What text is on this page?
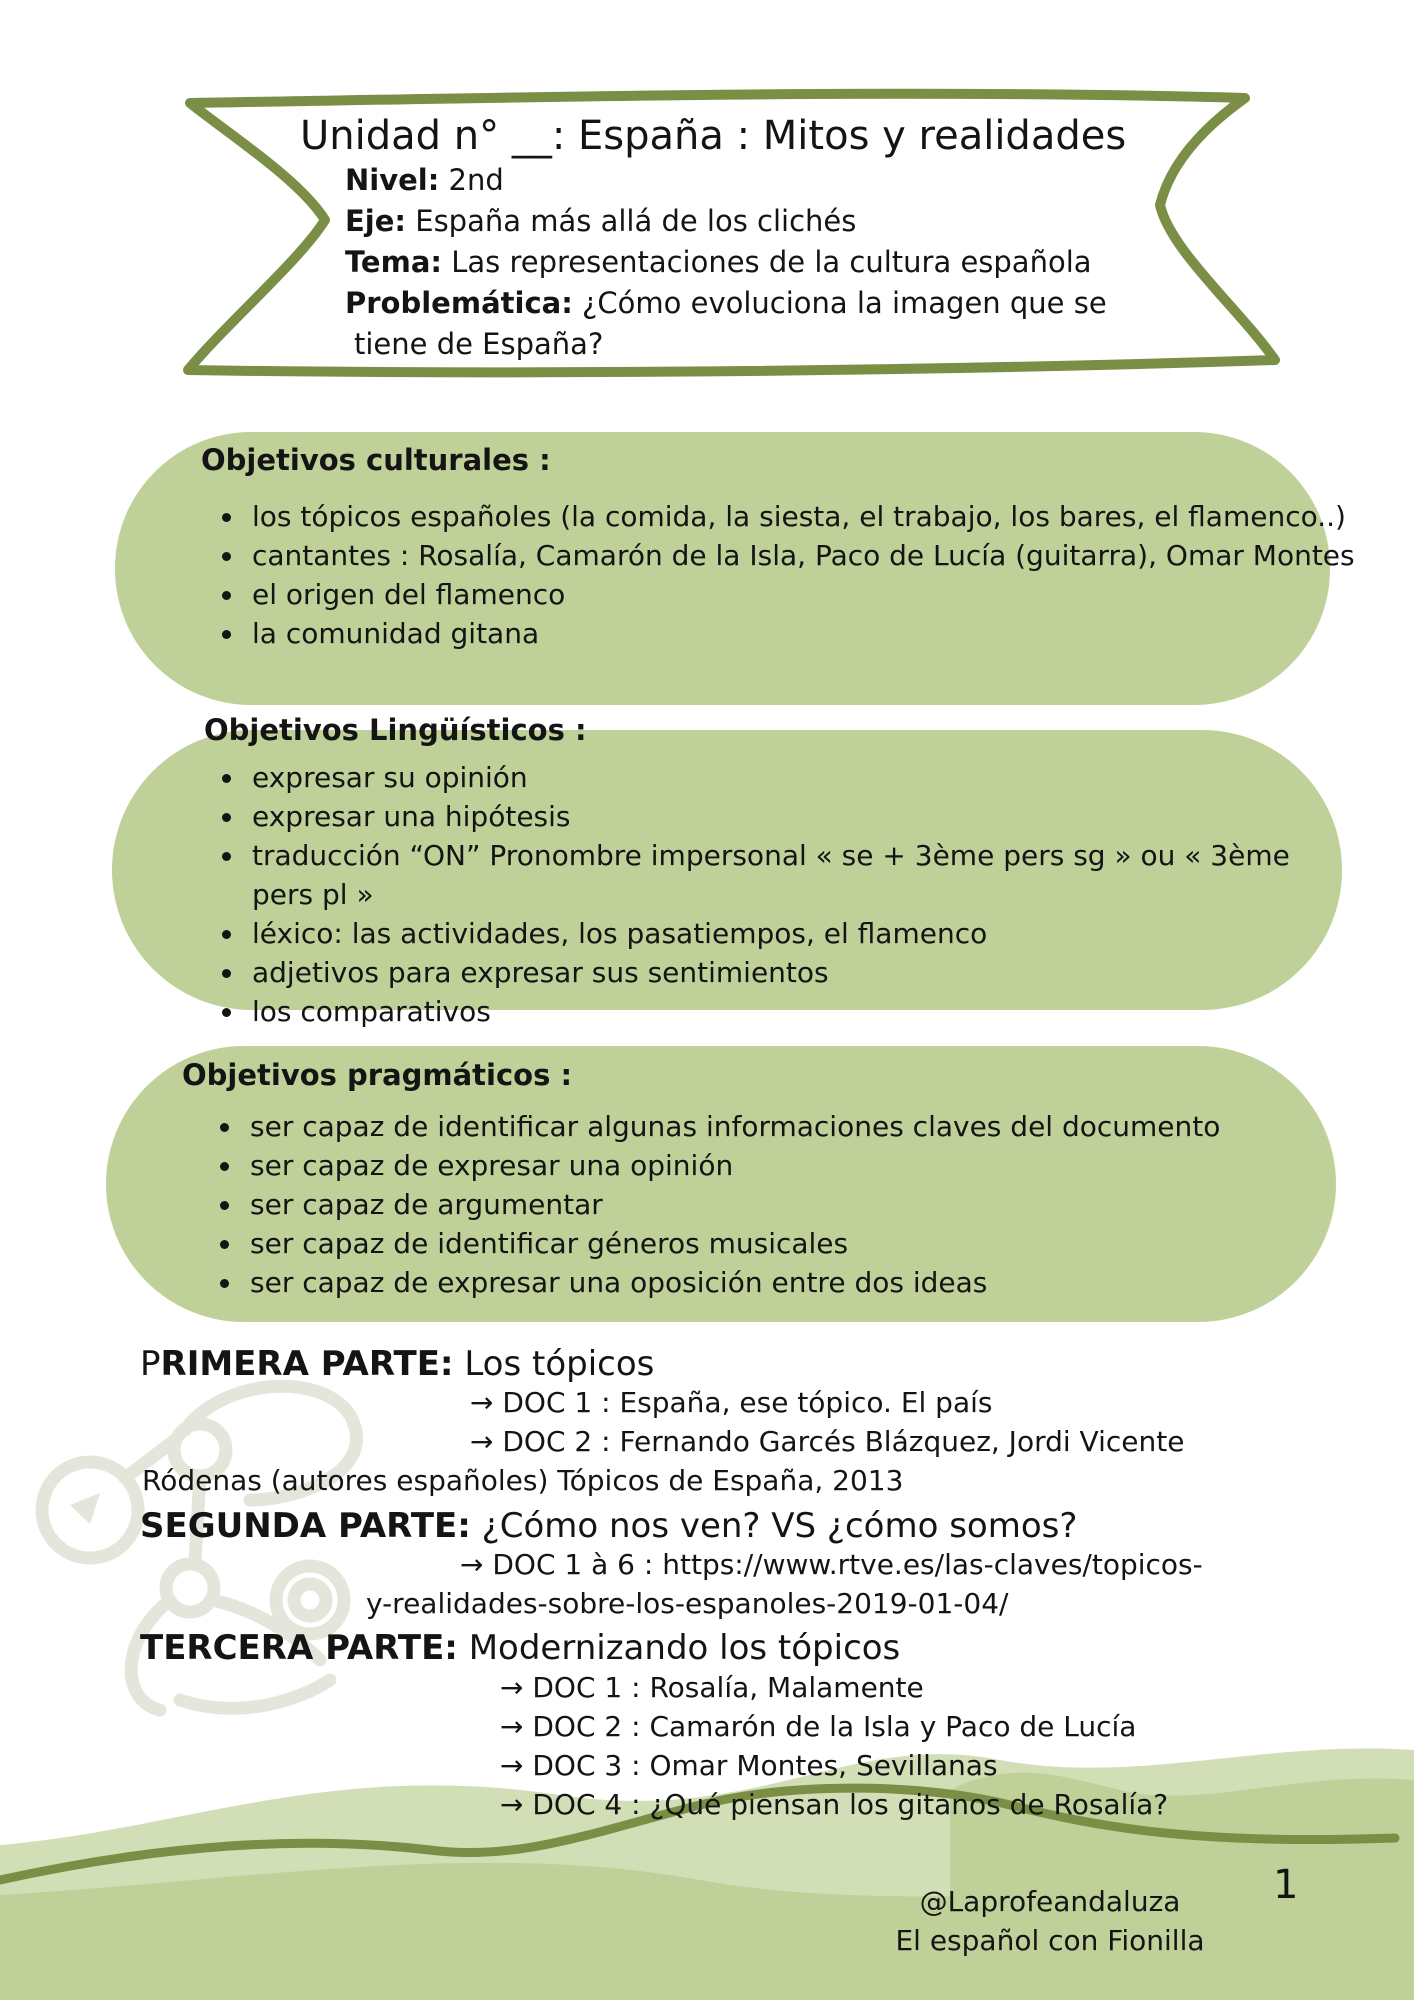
Unidad n° __: España : Mitos y realidades
Nivel: 2nd
Eje: España más allá de los clichés
Tema: Las representaciones de la cultura española
Problemática: ¿Cómo evoluciona la imagen que se
tiene de España?
Objetivos culturales :
los tópicos españoles (la comida, la siesta, el trabajo, los bares, el flamenco..)
cantantes : Rosalía, Camarón de la Isla, Paco de Lucía (guitarra), Omar Montes
el origen del flamenco
la comunidad gitana
Objetivos Lingüísticos :
expresar su opinión
expresar una hipótesis
traducción “ON” Pronombre impersonal « se + 3ème pers sg » ou « 3ème pers pl »
léxico: las actividades, los pasatiempos, el flamenco
adjetivos para expresar sus sentimientos
los comparativos
Objetivos pragmáticos :
ser capaz de identificar algunas informaciones claves del documento
ser capaz de expresar una opinión
ser capaz de argumentar
ser capaz de identificar géneros musicales
ser capaz de expresar una oposición entre dos ideas
PRIMERA PARTE: Los tópicos
→ DOC 1 : España, ese tópico. El país
→ DOC 2 : Fernando Garcés Blázquez, Jordi Vicente
Ródenas (autores españoles) Tópicos de España, 2013
SEGUNDA PARTE: ¿Cómo nos ven? VS ¿cómo somos?
→ DOC 1 à 6 : https://www.rtve.es/las-claves/topicos-
y-realidades-sobre-los-espanoles-2019-01-04/
TERCERA PARTE: Modernizando los tópicos
→ DOC 1 : Rosalía, Malamente
→ DOC 2 : Camarón de la Isla y Paco de Lucía
→ DOC 3 : Omar Montes, Sevillanas
→ DOC 4 : ¿Qué piensan los gitanos de Rosalía?
@Laprofeandaluza
El español con Fionilla
1
